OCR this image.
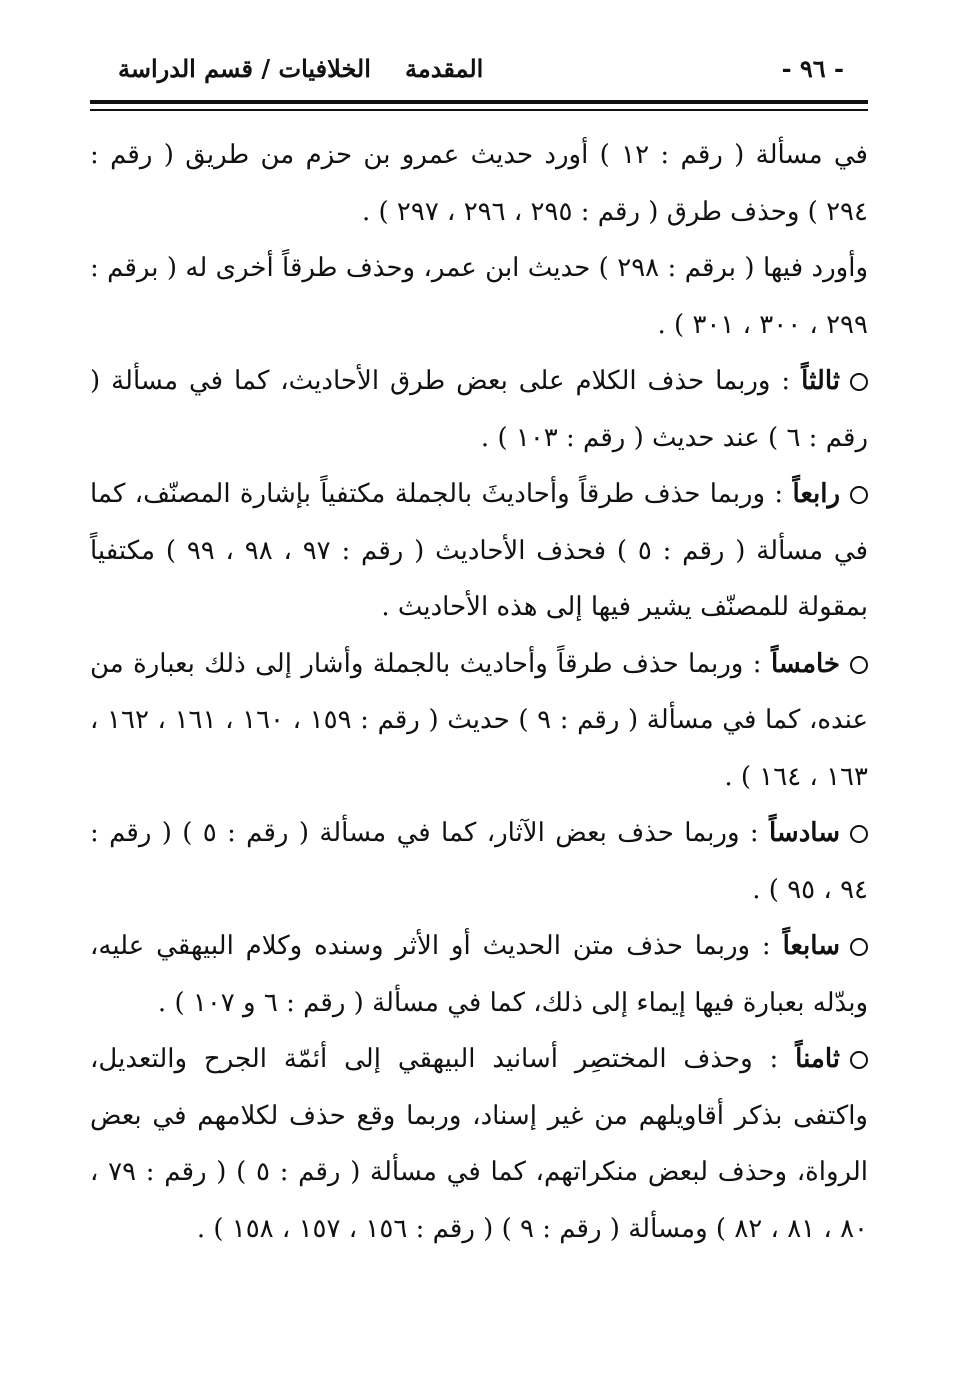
- ٩٦ -
المقدمة
الخلافيات / قسم الدراسة

في مسألة ( رقم : ١٢ ) أورد حديث عمرو بن حزم من طريق ( رقم : ٢٩٤ ) وحذف طرق ( رقم : ٢٩٥ ، ٢٩٦ ، ٢٩٧ ) .

وأورد فيها ( برقم : ٢٩٨ ) حديث ابن عمر، وحذف طرقاً أخرى له ( برقم : ٢٩٩ ، ٣٠٠ ، ٣٠١ ) .

ثالثاً : وربما حذف الكلام على بعض طرق الأحاديث، كما في مسألة ( رقم : ٦ ) عند حديث ( رقم : ١٠٣ ) .

رابعاً : وربما حذف طرقاً وأحاديثَ بالجملة مكتفياً بإشارة المصنّف، كما في مسألة ( رقم : ٥ ) فحذف الأحاديث ( رقم : ٩٧ ، ٩٨ ، ٩٩ ) مكتفياً بمقولة للمصنّف يشير فيها إلى هذه الأحاديث .

خامساً : وربما حذف طرقاً وأحاديث بالجملة وأشار إلى ذلك بعبارة من عنده، كما في مسألة ( رقم : ٩ ) حديث ( رقم : ١٥٩ ، ١٦٠ ، ١٦١ ، ١٦٢ ، ١٦٣ ، ١٦٤ ) .

سادساً : وربما حذف بعض الآثار، كما في مسألة ( رقم : ٥ ) ( رقم : ٩٤ ، ٩٥ ) .

سابعاً : وربما حذف متن الحديث أو الأثر وسنده وكلام البيهقي عليه، وبدّله بعبارة فيها إيماء إلى ذلك، كما في مسألة ( رقم : ٦ و ١٠٧ ) .

ثامناً : وحذف المختصِر أسانيد البيهقي إلى أئمّة الجرح والتعديل، واكتفى بذكر أقاويلهم من غير إسناد، وربما وقع حذف لكلامهم في بعض الرواة، وحذف لبعض منكراتهم، كما في مسألة ( رقم : ٥ ) ( رقم : ٧٩ ، ٨٠ ، ٨١ ، ٨٢ ) ومسألة ( رقم : ٩ ) ( رقم : ١٥٦ ، ١٥٧ ، ١٥٨ ) .
